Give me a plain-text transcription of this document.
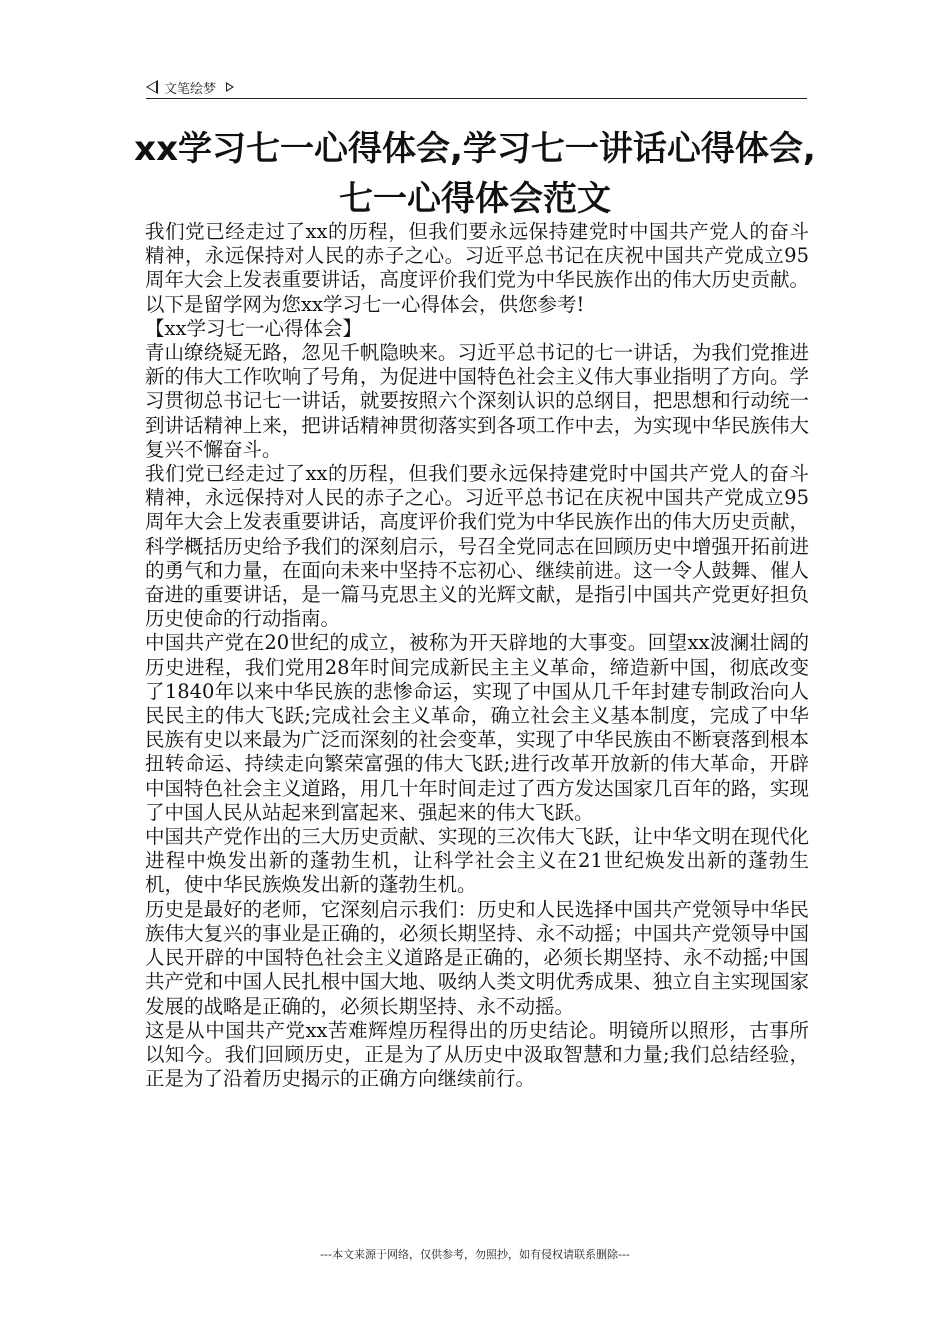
文笔绘梦
xx学习七一心得体会,学习七一讲话心得体会,七一心得体会范文

我们党已经走过了xx的历程，但我们要永远保持建党时中国共产党人的奋斗精神，永远保持对人民的赤子之心。习近平总书记在庆祝中国共产党成立95周年大会上发表重要讲话，高度评价我们党为中华民族作出的伟大历史贡献。以下是留学网为您xx学习七一心得体会，供您参考!

【xx学习七一心得体会】

青山缭绕疑无路，忽见千帆隐映来。习近平总书记的七一讲话，为我们党推进新的伟大工作吹响了号角，为促进中国特色社会主义伟大事业指明了方向。学习贯彻总书记七一讲话，就要按照六个深刻认识的总纲目，把思想和行动统一到讲话精神上来，把讲话精神贯彻落实到各项工作中去，为实现中华民族伟大复兴不懈奋斗。

我们党已经走过了xx的历程，但我们要永远保持建党时中国共产党人的奋斗精神，永远保持对人民的赤子之心。习近平总书记在庆祝中国共产党成立95周年大会上发表重要讲话，高度评价我们党为中华民族作出的伟大历史贡献，科学概括历史给予我们的深刻启示，号召全党同志在回顾历史中增强开拓前进的勇气和力量，在面向未来中坚持不忘初心、继续前进。这一令人鼓舞、催人奋进的重要讲话，是一篇马克思主义的光辉文献，是指引中国共产党更好担负历史使命的行动指南。

中国共产党在20世纪的成立，被称为开天辟地的大事变。回望xx波澜壮阔的历史进程，我们党用28年时间完成新民主主义革命，缔造新中国，彻底改变了1840年以来中华民族的悲惨命运，实现了中国从几千年封建专制政治向人民民主的伟大飞跃;完成社会主义革命，确立社会主义基本制度，完成了中华民族有史以来最为广泛而深刻的社会变革，实现了中华民族由不断衰落到根本扭转命运、持续走向繁荣富强的伟大飞跃;进行改革开放新的伟大革命，开辟中国特色社会主义道路，用几十年时间走过了西方发达国家几百年的路，实现了中国人民从站起来到富起来、强起来的伟大飞跃。

中国共产党作出的三大历史贡献、实现的三次伟大飞跃，让中华文明在现代化进程中焕发出新的蓬勃生机，让科学社会主义在21世纪焕发出新的蓬勃生机，使中华民族焕发出新的蓬勃生机。

历史是最好的老师，它深刻启示我们：历史和人民选择中国共产党领导中华民族伟大复兴的事业是正确的，必须长期坚持、永不动摇；中国共产党领导中国人民开辟的中国特色社会主义道路是正确的，必须长期坚持、永不动摇;中国共产党和中国人民扎根中国大地、吸纳人类文明优秀成果、独立自主实现国家发展的战略是正确的，必须长期坚持、永不动摇。

这是从中国共产党xx苦难辉煌历程得出的历史结论。明镜所以照形，古事所以知今。我们回顾历史，正是为了从历史中汲取智慧和力量;我们总结经验，正是为了沿着历史揭示的正确方向继续前行。

---本文来源于网络，仅供参考，勿照抄，如有侵权请联系删除---
